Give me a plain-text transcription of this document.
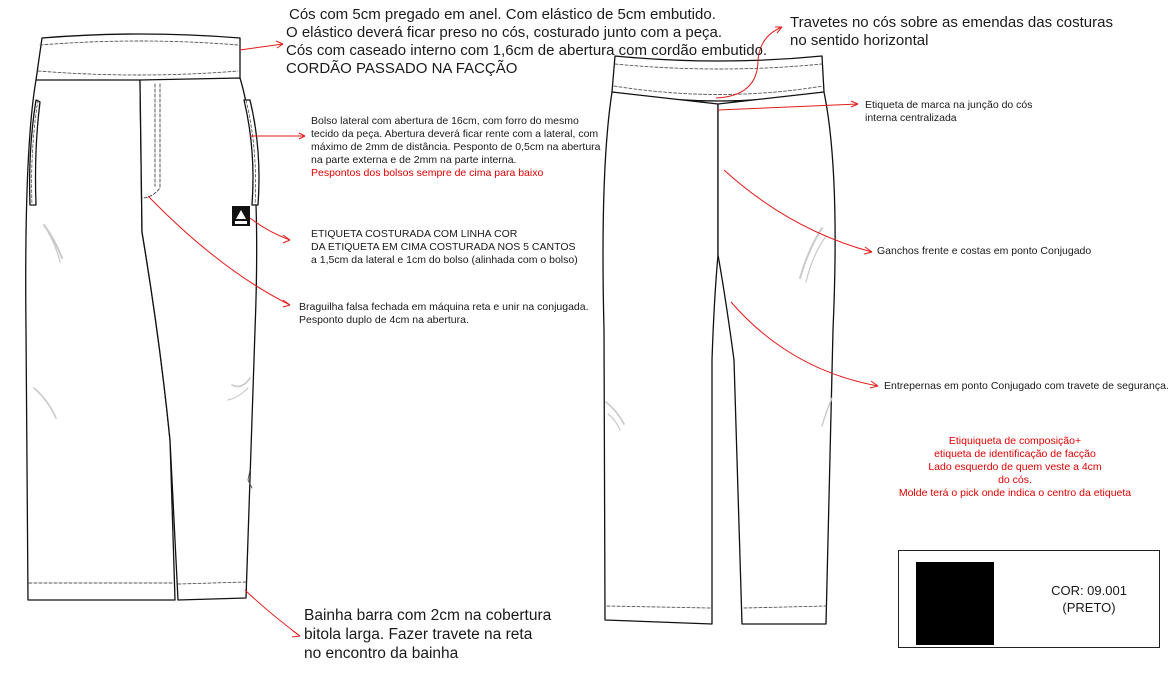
Cós com 5cm pregado em anel. Com elástico de 5cm embutido.
O elástico deverá ficar preso no cós, costurado junto com a peça.
Cós com caseado interno com 1,6cm de abertura com cordão embutido.
CORDÃO PASSADO NA FACÇÃO
Bolso lateral com abertura de 16cm, com forro do mesmo
tecido da peça. Abertura deverá ficar rente com a lateral, com
máximo de 2mm de distância. Pesponto de 0,5cm na abertura
na parte externa e de 2mm na parte interna.
Pespontos dos bolsos sempre de cima para baixo
ETIQUETA COSTURADA COM LINHA COR
DA ETIQUETA EM CIMA COSTURADA NOS 5 CANTOS
a 1,5cm da lateral e 1cm do bolso (alinhada com o bolso)
Braguilha falsa fechada em máquina reta e unir na conjugada.
Pesponto duplo de 4cm na abertura.
Bainha barra com 2cm na cobertura
bitola larga. Fazer travete na reta
no encontro da bainha
Travetes no cós sobre as emendas das costuras
no sentido horizontal
Etiqueta de marca na junção do cós
interna centralizada
Ganchos frente e costas em ponto Conjugado
Entrepernas em ponto Conjugado com travete de segurança.
Etiquiqueta de composição+
etiqueta de identificação de facção
Lado esquerdo de quem veste a 4cm
do cós.
Molde terá o pick onde indica o centro da etiqueta
COR: 09.001
(PRETO)
